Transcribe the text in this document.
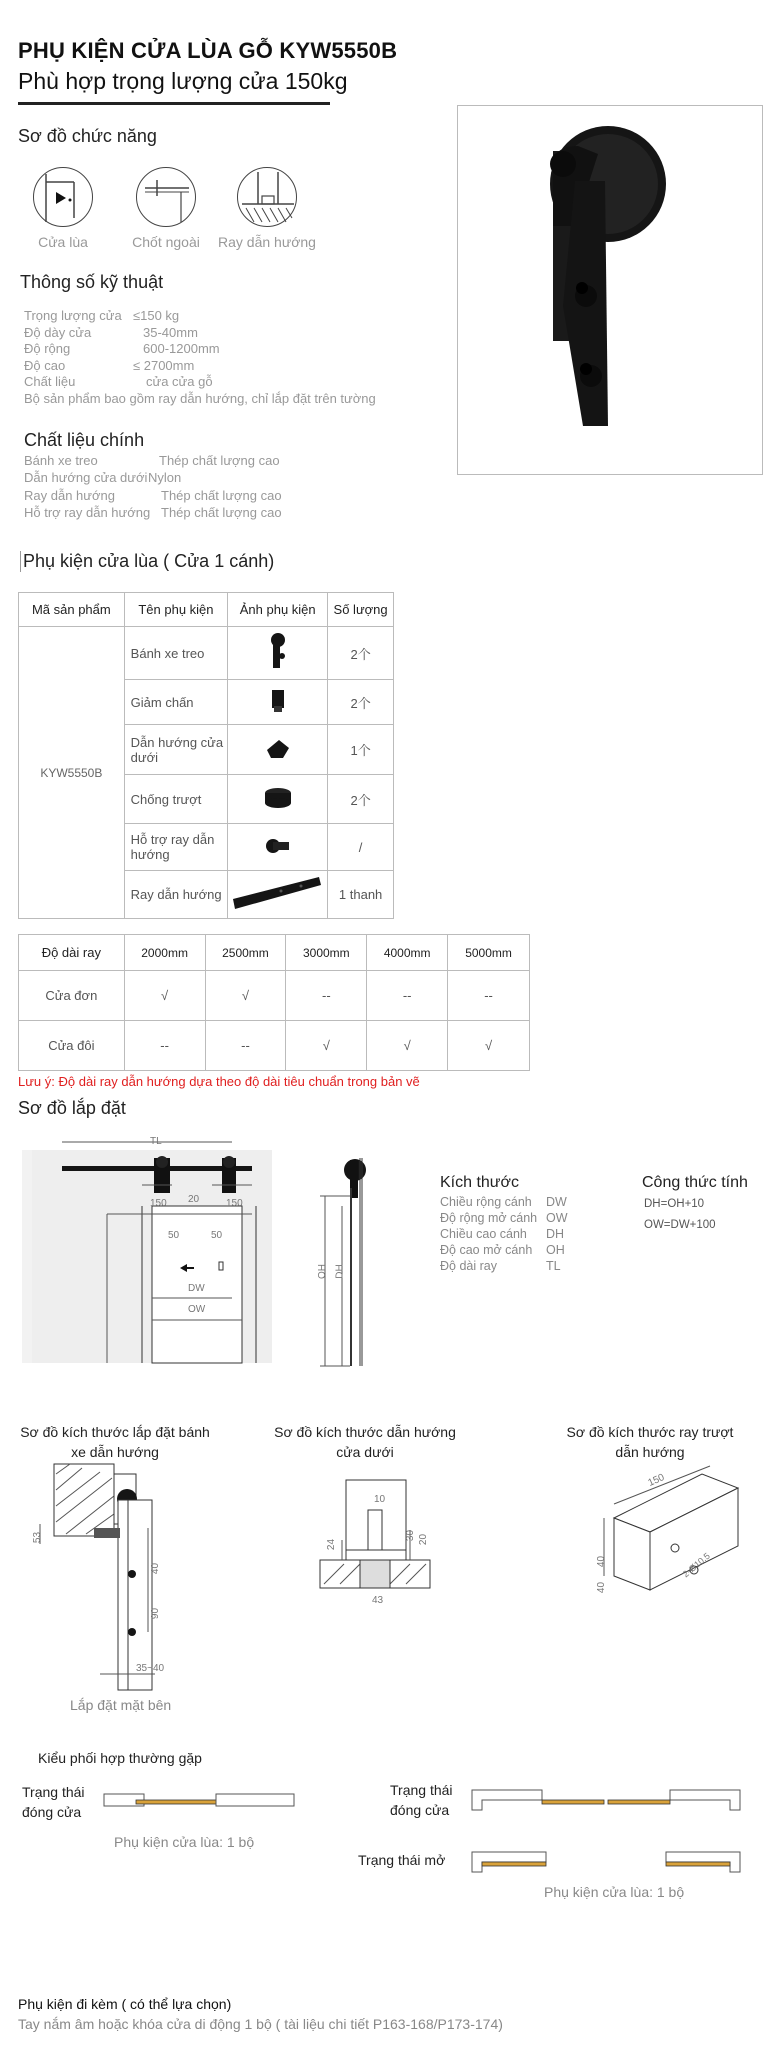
PHỤ KIỆN CỬA LÙA GỖ KYW5550B
Phù hợp trọng lượng cửa 150kg
Sơ đồ chức năng
Cửa lùa	Chốt ngoài	Ray dẫn hướng
Thông số kỹ thuật
Trọng lượng cửa ≤150 kg
Độ dày cửa	35-40mm
Độ rộng	600-1200mm
Độ cao	≤ 2700mm
Chất liệu	cửa cửa gỗ
Bộ sản phẩm bao gồm ray dẫn hướng, chỉ lắp đặt trên tường
Chất liệu chính
Bánh xe treo	Thép chất lượng cao
Dẫn hướng cửa dướiNylon
Ray dẫn hướng	Thép chất lượng cao
Hỗ trợ ray dẫn hướng Thép chất lượng cao
Phụ kiện cửa lùa ( Cửa 1 cánh)
Mã sản phẩm	Tên phụ kiện	Ảnh phụ kiện	Số lượng
KYW5550B	Bánh xe treo		2个
	Giảm chấn		2个
	Dẫn hướng cửa dưới		1个
	Chống trượt		2个
	Hỗ trợ ray dẫn hướng		/
	Ray dẫn hướng		1 thanh
Độ dài ray	2000mm	2500mm	3000mm	4000mm	5000mm
Cửa đơn	√	√	--	--	--
Cửa đôi	--	--	√	√	√
Lưu ý: Độ dài ray dẫn hướng dựa theo độ dài tiêu chuẩn trong bản vẽ
Sơ đồ lắp đặt
TL
150 20	150
50	50
DW
OW
OH DH
Kích thước
Chiều rộng cánh DW
Độ rộng mở cánh OW
Chiều cao cánh DH
Độ cao mở cánh OH
Độ dài ray	TL
Công thức tính
DH=OH+10
OW=DW+100
Sơ đồ kích thước lắp đặt bánh xe dẫn hướng
53
40
90
35~40
Lắp đặt mặt bên
Sơ đồ kích thước dẫn hướng cửa dưới
10
24
30 20
43
Sơ đồ kích thước ray trượt dẫn hướng
150
40
40
2-Ø10.5
Kiểu phối hợp thường gặp
Trạng thái đóng cửa
Phụ kiện cửa lùa: 1 bộ
Trạng thái đóng cửa
Trạng thái mở
Phụ kiện cửa lùa: 1 bộ
Phụ kiện đi kèm ( có thể lựa chọn)
Tay nắm âm hoặc khóa cửa di động 1 bộ ( tài liệu chi tiết P163-168/P173-174)
